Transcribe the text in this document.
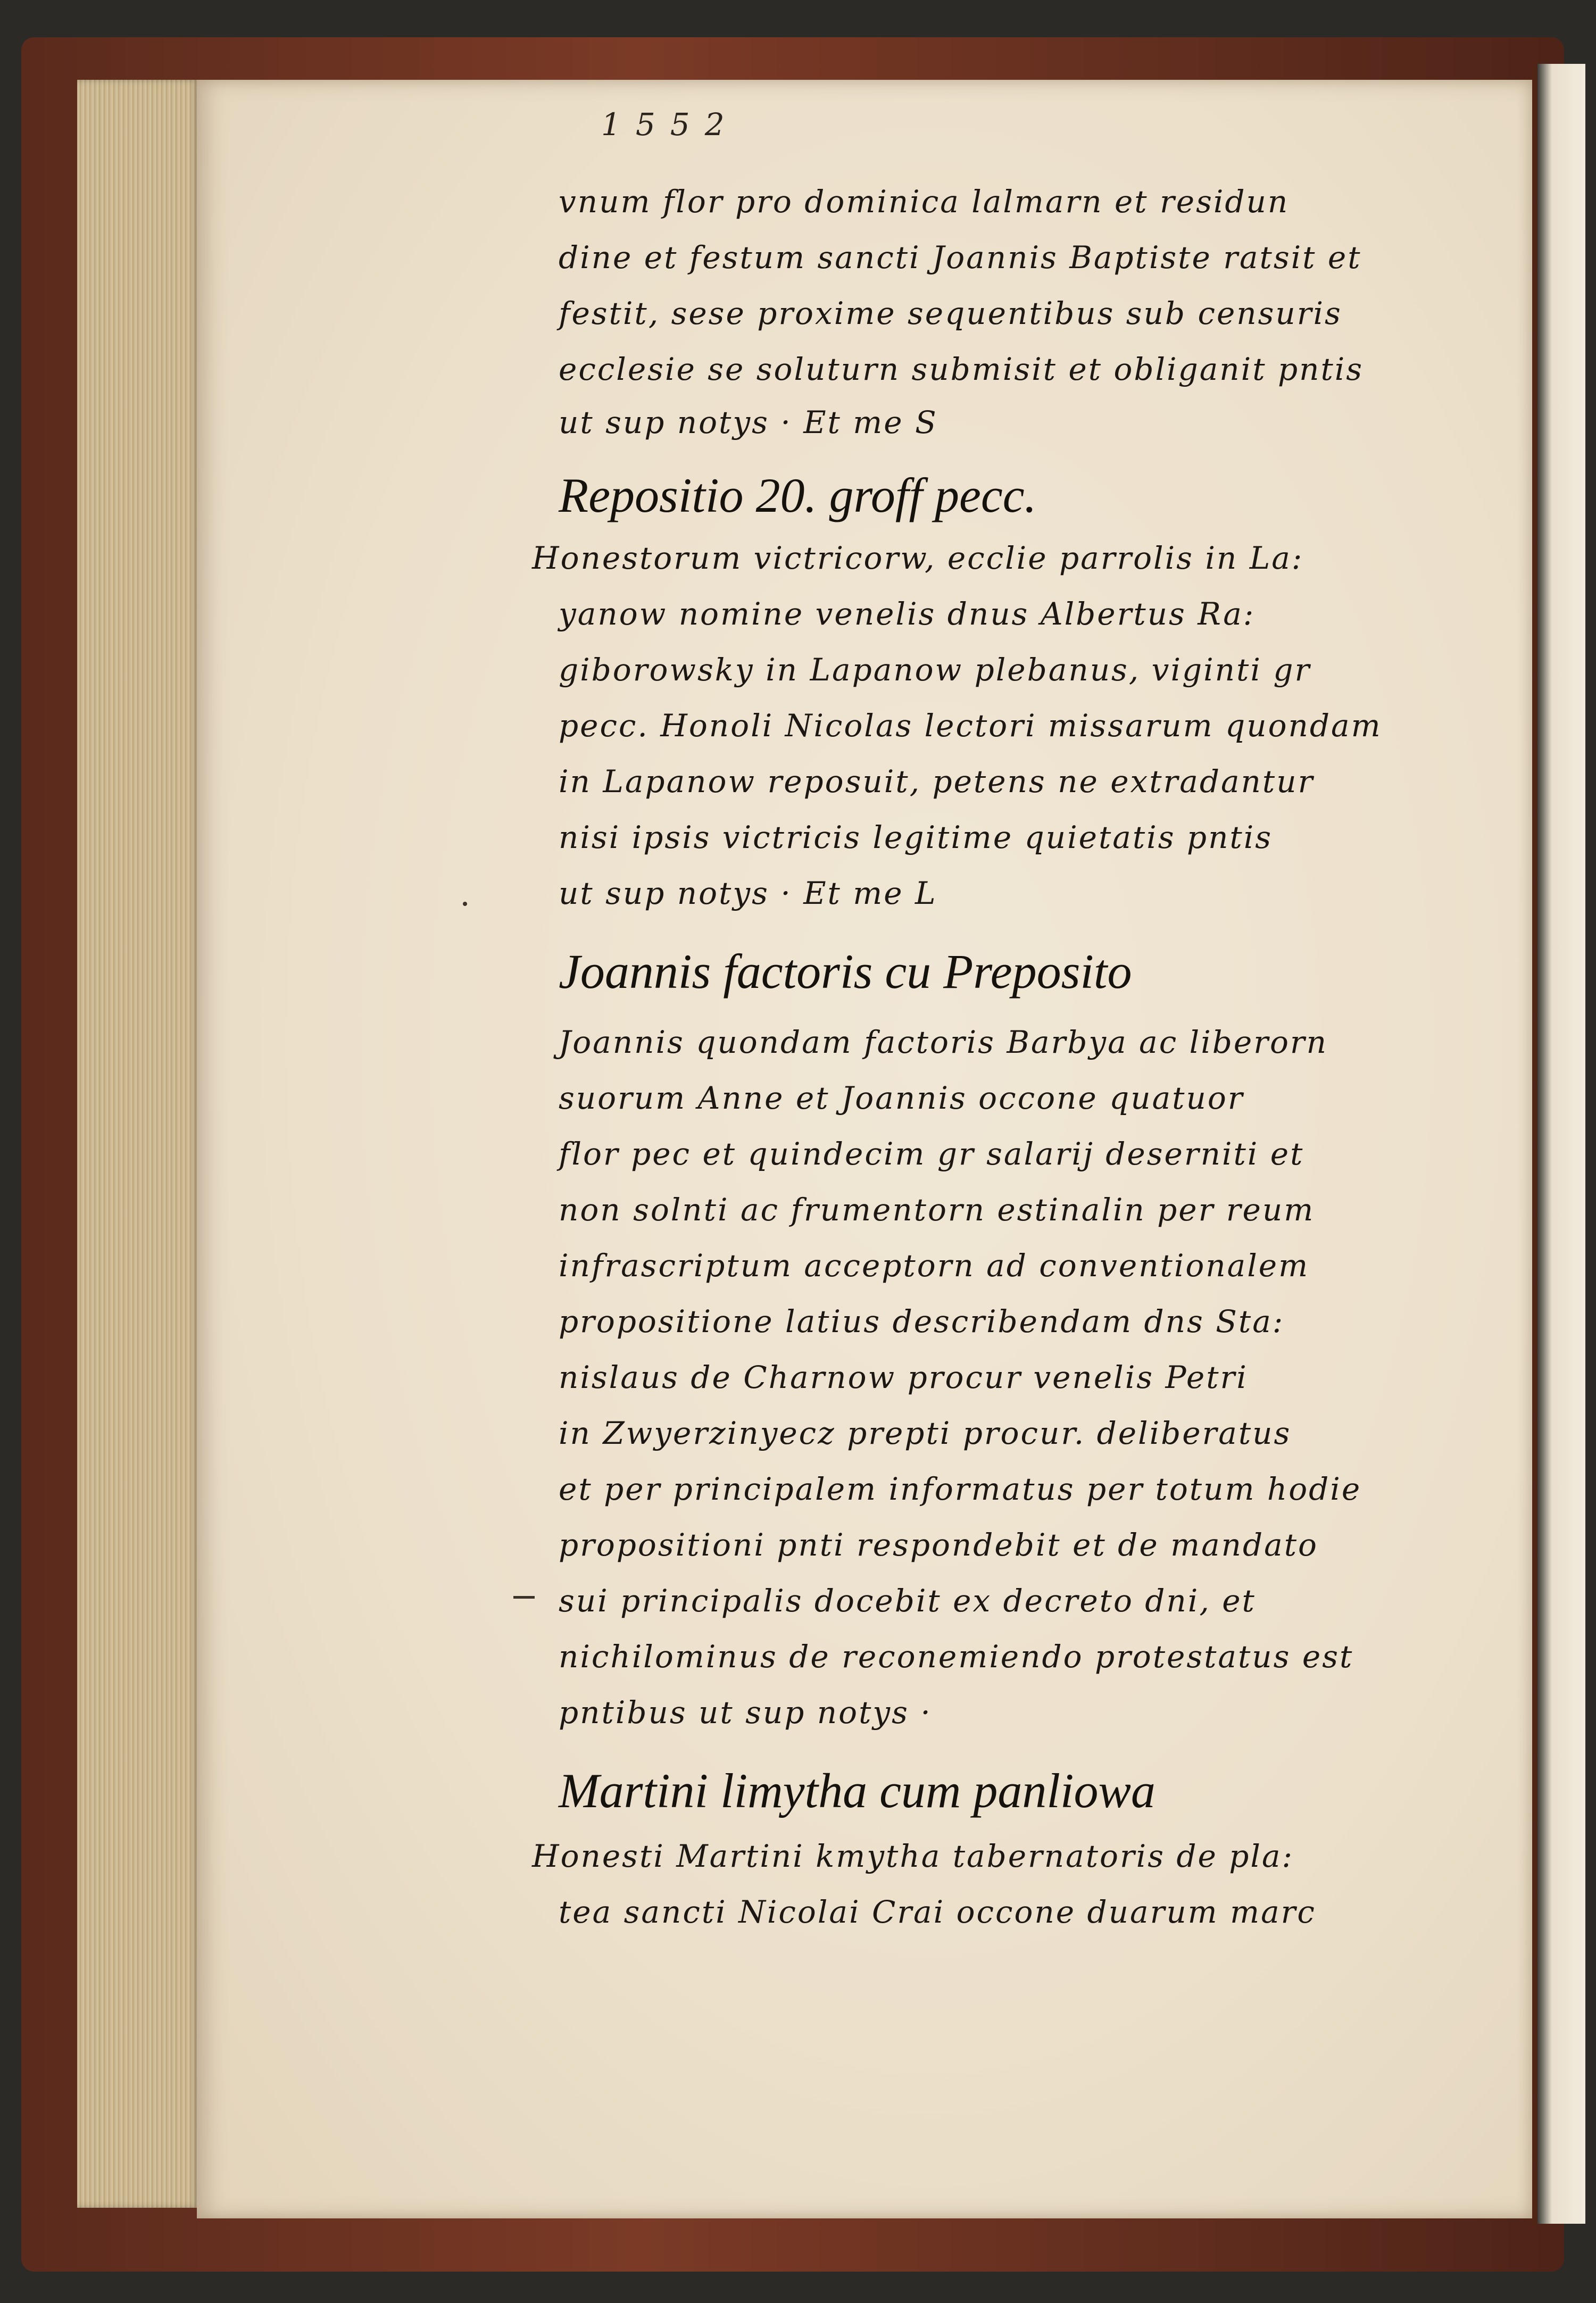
1552
vnum flor pro dominica lalmarn et residun
dine et festum sancti Joannis Baptiste ratsit et
festit, sese proxime sequentibus sub censuris
ecclesie se soluturn submisit et obliganit pntis
ut sup notys · Et me S
Repositio 20. groff pecc.
Honestorum victricorw, ecclie parrolis in La:
yanow nomine venelis dnus Albertus Ra:
giborowsky in Lapanow plebanus, viginti gr
pecc. Honoli Nicolas lectori missarum quondam
in Lapanow reposuit, petens ne extradantur
nisi ipsis victricis legitime quietatis pntis
ut sup notys · Et me L
Joannis factoris cu Preposito
Joannis quondam factoris Barbya ac liberorn
suorum Anne et Joannis occone quatuor
flor pec et quindecim gr salarij deserniti et
non solnti ac frumentorn estinalin per reum
infrascriptum acceptorn ad conventionalem
propositione latius describendam dns Sta:
nislaus de Charnow procur venelis Petri
in Zwyerzinyecz prepti procur. deliberatus
et per principalem informatus per totum hodie
propositioni pnti respondebit et de mandato
sui principalis docebit ex decreto dni, et
nichilominus de reconemiendo protestatus est
pntibus ut sup notys ·
Martini limytha cum panliowa
Honesti Martini kmytha tabernatoris de pla:
tea sancti Nicolai Crai occone duarum marc
